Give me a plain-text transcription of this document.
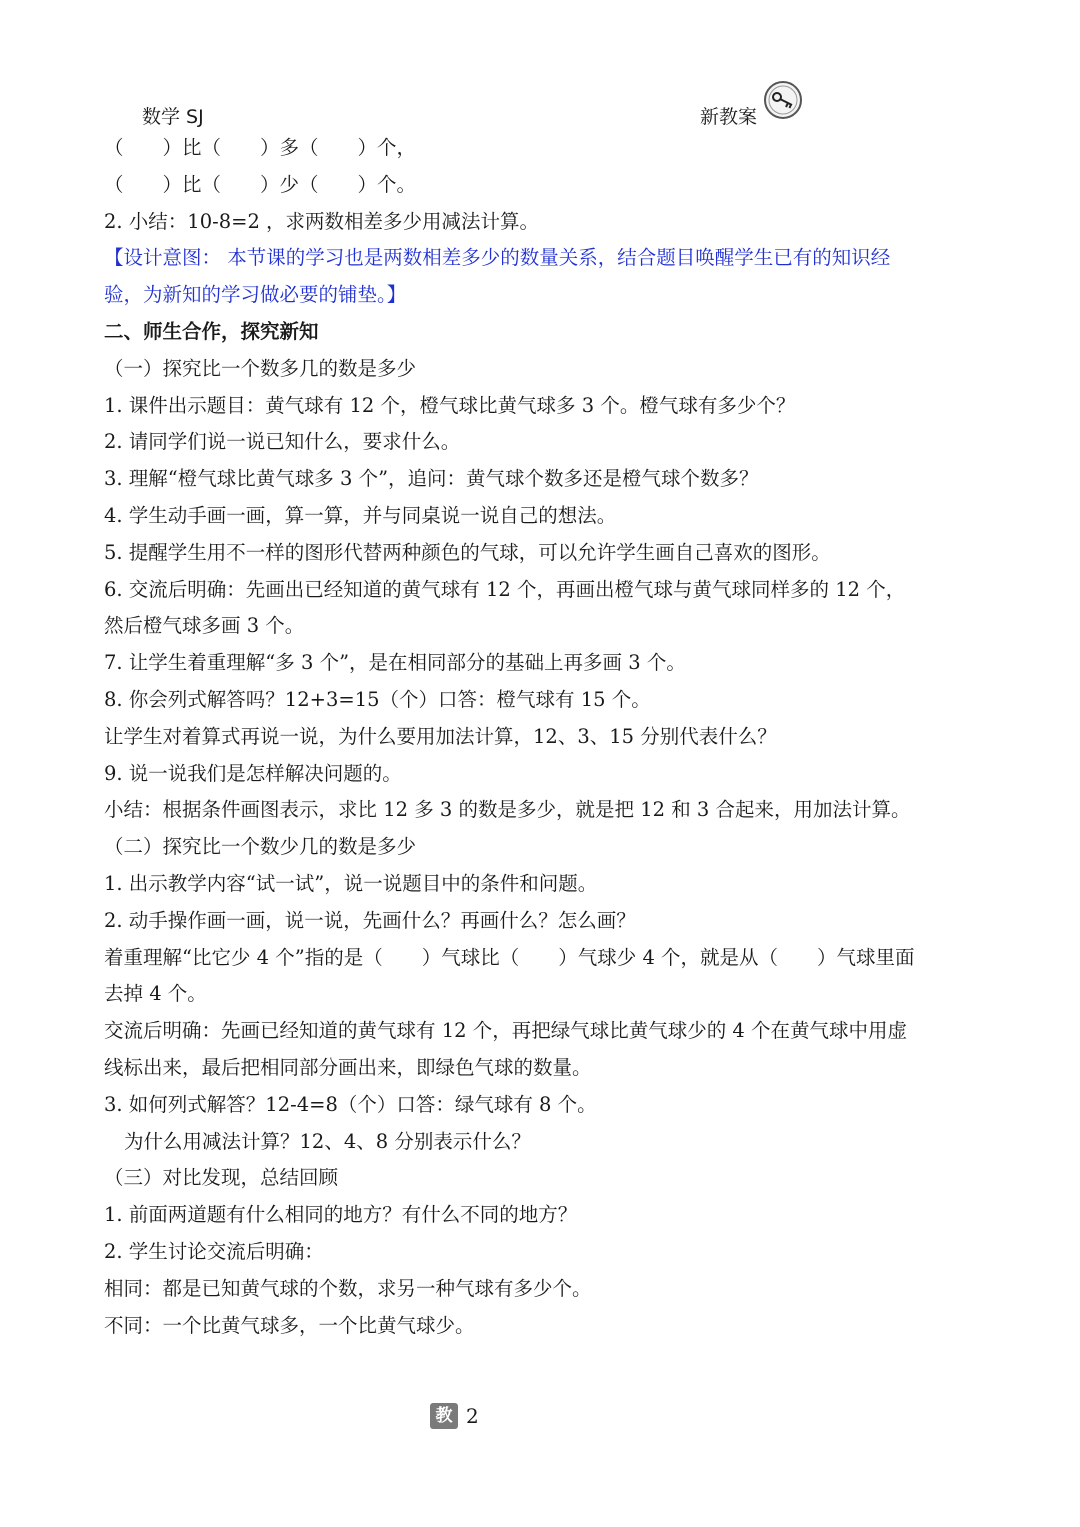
数学 SJ	新教案
（　　）比（　　）多（　　）个，
（　　）比（　　）少（　　）个。
2. 小结：10-8=2 ，求两数相差多少用减法计算。
【设计意图： 本节课的学习也是两数相差多少的数量关系，结合题目唤醒学生已有的知识经
验，为新知的学习做必要的铺垫。】
二、师生合作，探究新知
（一）探究比一个数多几的数是多少
1. 课件出示题目：黄气球有 12 个，橙气球比黄气球多 3 个。橙气球有多少个？
2. 请同学们说一说已知什么，要求什么。
3. 理解“橙气球比黄气球多 3 个”，追问：黄气球个数多还是橙气球个数多？
4. 学生动手画一画，算一算，并与同桌说一说自己的想法。
5. 提醒学生用不一样的图形代替两种颜色的气球，可以允许学生画自己喜欢的图形。
6. 交流后明确：先画出已经知道的黄气球有 12 个，再画出橙气球与黄气球同样多的 12 个，
然后橙气球多画 3 个。
7. 让学生着重理解“多 3 个”，是在相同部分的基础上再多画 3 个。
8. 你会列式解答吗？12+3=15（个）口答：橙气球有 15 个。
让学生对着算式再说一说，为什么要用加法计算，12、3、15 分别代表什么？
9. 说一说我们是怎样解决问题的。
小结：根据条件画图表示，求比 12 多 3 的数是多少，就是把 12 和 3 合起来，用加法计算。
（二）探究比一个数少几的数是多少
1. 出示教学内容“试一试”，说一说题目中的条件和问题。
2. 动手操作画一画，说一说，先画什么？再画什么？怎么画？
着重理解“比它少 4 个”指的是（　　）气球比（　　）气球少 4 个，就是从（　　）气球里面
去掉 4 个。
交流后明确：先画已经知道的黄气球有 12 个，再把绿气球比黄气球少的 4 个在黄气球中用虚
线标出来，最后把相同部分画出来，即绿色气球的数量。
3. 如何列式解答？12-4=8（个）口答：绿气球有 8 个。
为什么用减法计算？12、4、8 分别表示什么？
（三）对比发现，总结回顾
1. 前面两道题有什么相同的地方？有什么不同的地方？
2. 学生讨论交流后明确：
相同：都是已知黄气球的个数，求另一种气球有多少个。
不同：一个比黄气球多，一个比黄气球少。
教 2
